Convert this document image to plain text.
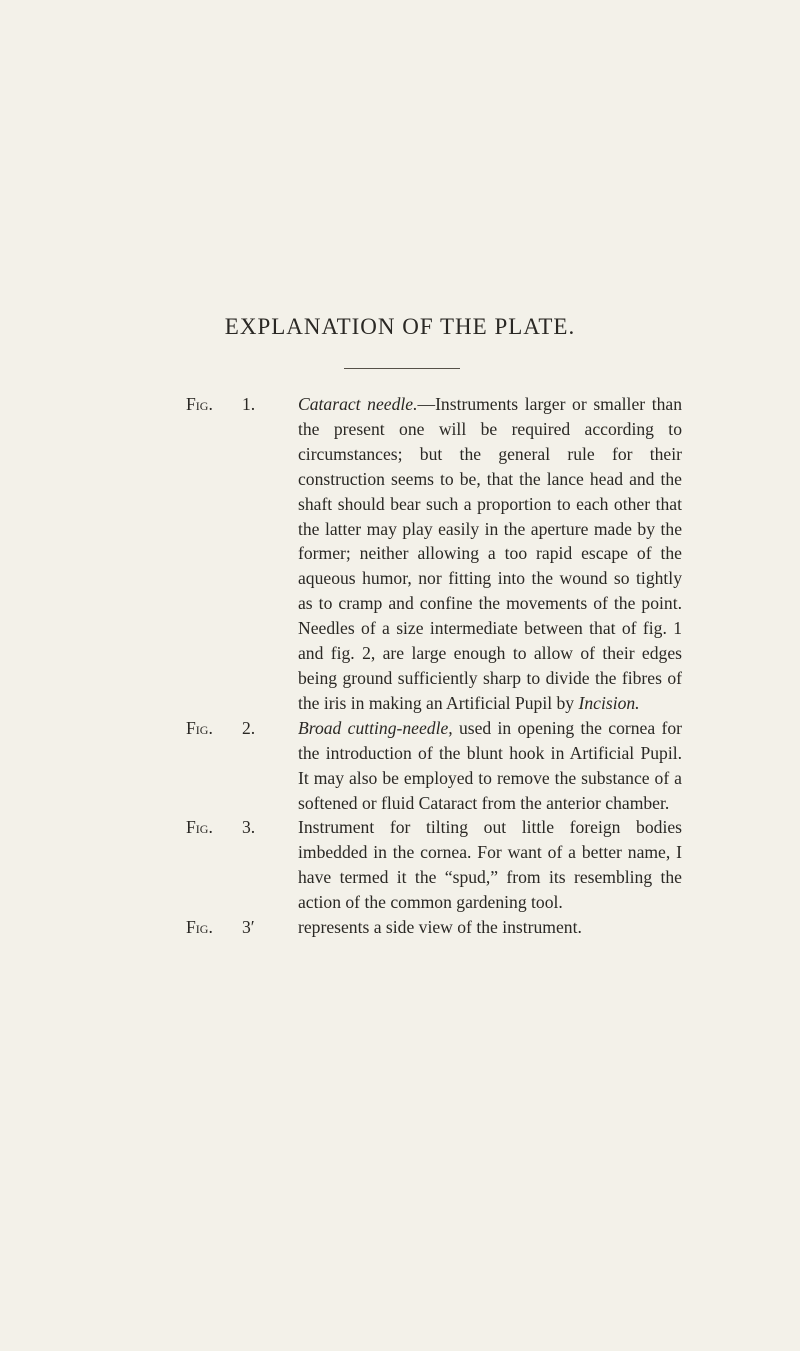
EXPLANATION OF THE PLATE.
Fig. 1. Cataract needle.—Instruments larger or smaller than the present one will be required according to circumstances; but the general rule for their construction seems to be, that the lance head and the shaft should bear such a proportion to each other that the latter may play easily in the aperture made by the former; neither allowing a too rapid escape of the aqueous humor, nor fitting into the wound so tightly as to cramp and confine the movements of the point. Needles of a size intermediate between that of fig. 1 and fig. 2, are large enough to allow of their edges being ground sufficiently sharp to divide the fibres of the iris in making an Artificial Pupil by Incision.
Fig. 2. Broad cutting-needle, used in opening the cornea for the introduction of the blunt hook in Artificial Pupil. It may also be employed to remove the substance of a softened or fluid Cataract from the anterior chamber.
Fig. 3. Instrument for tilting out little foreign bodies imbedded in the cornea. For want of a better name, I have termed it the “spud,” from its resembling the action of the common gardening tool.
Fig. 3′ represents a side view of the instrument.
